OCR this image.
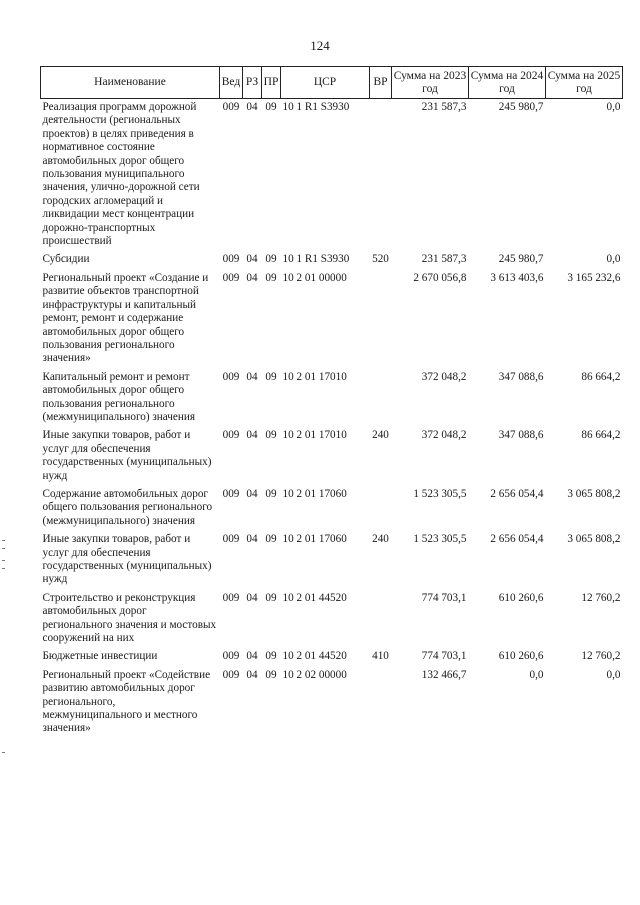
124
Наименование	Вед	РЗ	ПР	ЦСР	ВР	Сумма на 2023 год	Сумма на 2024 год	Сумма на 2025 год
Реализация программ дорожной деятельности (региональных проектов) в целях приведения в нормативное состояние автомобильных дорог общего пользования муниципального значения, улично-дорожной сети городских агломераций и ликвидации мест концентрации дорожно-транспортных происшествий	009	04	09	10 1 R1 S3930		231 587,3	245 980,7	0,0
Субсидии	009	04	09	10 1 R1 S3930	520	231 587,3	245 980,7	0,0
Региональный проект «Создание и развитие объектов транспортной инфраструктуры и капитальный ремонт, ремонт и содержание автомобильных дорог общего пользования регионального значения»	009	04	09	10 2 01 00000		2 670 056,8	3 613 403,6	3 165 232,6
Капитальный ремонт и ремонт автомобильных дорог общего пользования регионального (межмуниципального) значения	009	04	09	10 2 01 17010		372 048,2	347 088,6	86 664,2
Иные закупки товаров, работ и услуг для обеспечения государственных (муниципальных) нужд	009	04	09	10 2 01 17010	240	372 048,2	347 088,6	86 664,2
Содержание автомобильных дорог общего пользования регионального (межмуниципального) значения	009	04	09	10 2 01 17060		1 523 305,5	2 656 054,4	3 065 808,2
Иные закупки товаров, работ и услуг для обеспечения государственных (муниципальных) нужд	009	04	09	10 2 01 17060	240	1 523 305,5	2 656 054,4	3 065 808,2
Строительство и реконструкция автомобильных дорог регионального значения и мостовых сооружений на них	009	04	09	10 2 01 44520		774 703,1	610 260,6	12 760,2
Бюджетные инвестиции	009	04	09	10 2 01 44520	410	774 703,1	610 260,6	12 760,2
Региональный проект «Содействие развитию автомобильных дорог регионального, межмуниципального и местного значения»	009	04	09	10 2 02 00000		132 466,7	0,0	0,0
